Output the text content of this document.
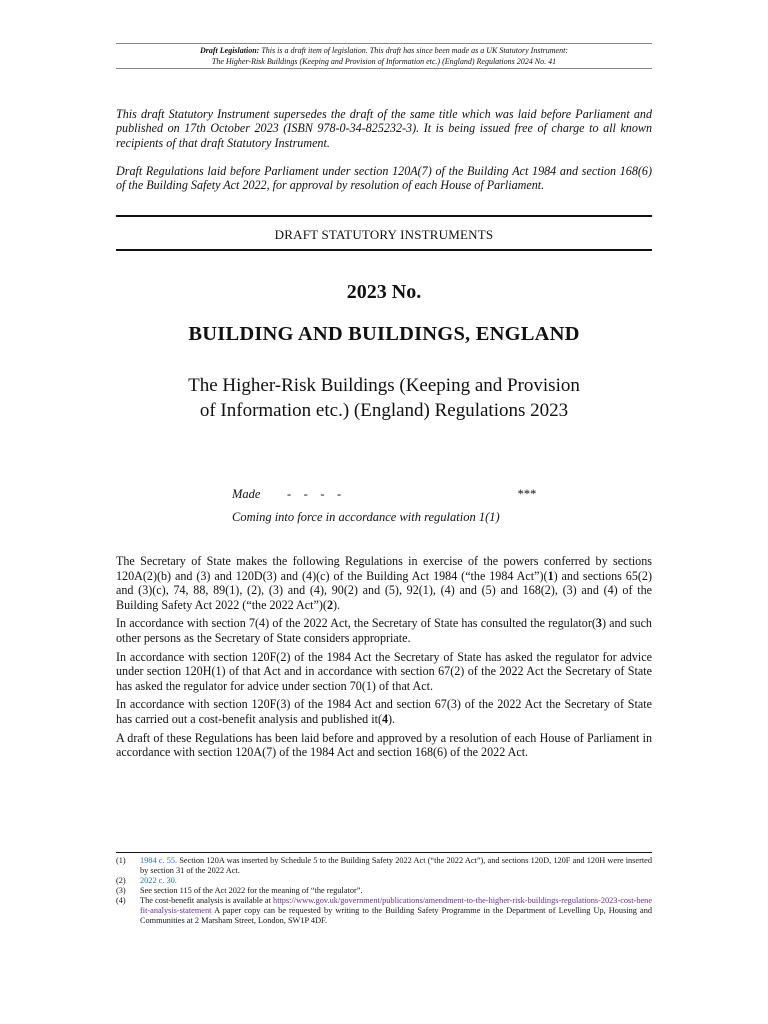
Draft Legislation: This is a draft item of legislation. This draft has since been made as a UK Statutory Instrument:
The Higher-Risk Buildings (Keeping and Provision of Information etc.) (England) Regulations 2024 No. 41

This draft Statutory Instrument supersedes the draft of the same title which was laid before Parliament and published on 17th October 2023 (ISBN 978-0-34-825232-3). It is being issued free of charge to all known recipients of that draft Statutory Instrument.

Draft Regulations laid before Parliament under section 120A(7) of the Building Act 1984 and section 168(6) of the Building Safety Act 2022, for approval by resolution of each House of Parliament.

DRAFT STATUTORY INSTRUMENTS
2023 No.
BUILDING AND BUILDINGS, ENGLAND
The Higher-Risk Buildings (Keeping and Provision
of Information etc.) (England) Regulations 2023
Made -    -    -    -	***
Coming into force in accordance with regulation 1(1)

The Secretary of State makes the following Regulations in exercise of the powers conferred by sections 120A(2)(b) and (3) and 120D(3) and (4)(c) of the Building Act 1984 (“the 1984 Act”)(1) and sections 65(2) and (3)(c), 74, 88, 89(1), (2), (3) and (4), 90(2) and (5), 92(1), (4) and (5) and 168(2), (3) and (4) of the Building Safety Act 2022 (“the 2022 Act”)(2).

In accordance with section 7(4) of the 2022 Act, the Secretary of State has consulted the regulator(3) and such other persons as the Secretary of State considers appropriate.

In accordance with section 120F(2) of the 1984 Act the Secretary of State has asked the regulator for advice under section 120H(1) of that Act and in accordance with section 67(2) of the 2022 Act the Secretary of State has asked the regulator for advice under section 70(1) of that Act.

In accordance with section 120F(3) of the 1984 Act and section 67(3) of the 2022 Act the Secretary of State has carried out a cost-benefit analysis and published it(4).

A draft of these Regulations has been laid before and approved by a resolution of each House of Parliament in accordance with section 120A(7) of the 1984 Act and section 168(6) of the 2022 Act.

(1)	1984 c. 55. Section 120A was inserted by Schedule 5 to the Building Safety 2022 Act (“the 2022 Act”), and sections 120D, 120F and 120H were inserted by section 31 of the 2022 Act.
(2)	2022 c. 30.
(3)	See section 115 of the Act 2022 for the meaning of “the regulator”.
(4)	The cost-benefit analysis is available at https://www.gov.uk/government/publications/amendment-to-the-higher-risk-buildings-regulations-2023-cost-benefit-analysis-statement A paper copy can be requested by writing to the Building Safety Programme in the Department of Levelling Up, Housing and Communities at 2 Marsham Street, London, SW1P 4DF.
